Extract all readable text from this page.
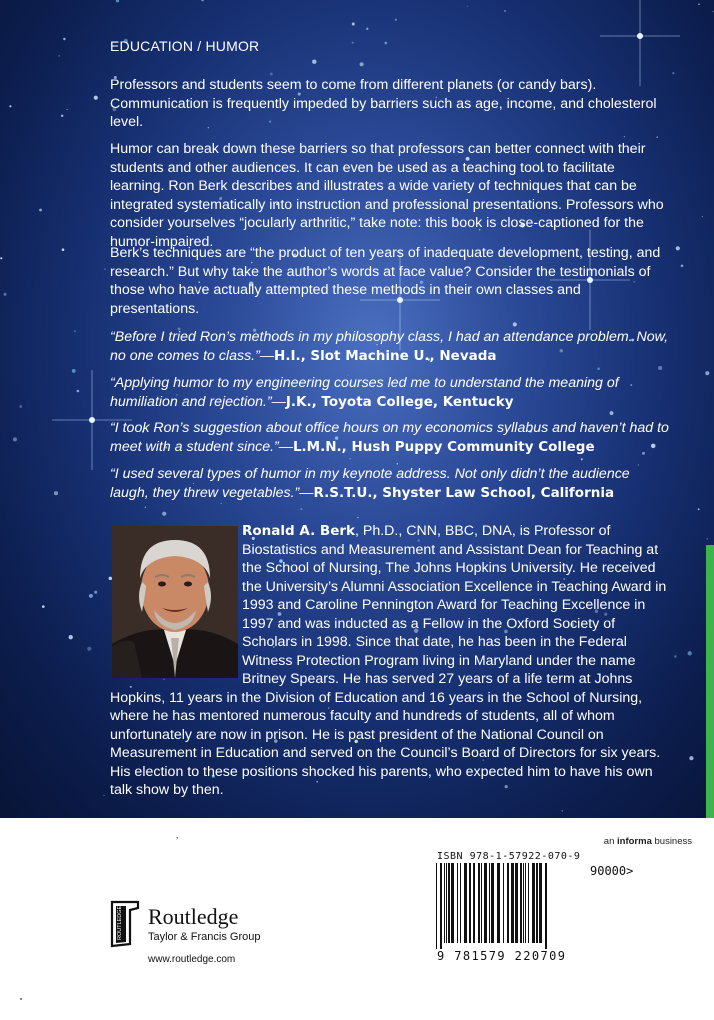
EDUCATION / HUMOR

Professors and students seem to come from different planets (or candy bars). Communication is frequently impeded by barriers such as age, income, and cholesterol level.

Humor can break down these barriers so that professors can better connect with their students and other audiences. It can even be used as a teaching tool to facilitate learning. Ron Berk describes and illustrates a wide variety of techniques that can be integrated systematically into instruction and professional presentations. Professors who consider yourselves “jocularly arthritic,” take note: this book is close-captioned for the humor-impaired.

Berk’s techniques are “the product of ten years of inadequate development, testing, and research.” But why take the author’s words at face value? Consider the testimonials of those who have actually attempted these methods in their own classes and presentations.

“Before I tried Ron’s methods in my philosophy class, I had an attendance problem. Now, no one comes to class.”—H.I., Slot Machine U., Nevada

“Applying humor to my engineering courses led me to understand the meaning of humiliation and rejection.”—J.K., Toyota College, Kentucky

“I took Ron’s suggestion about office hours on my economics syllabus and haven’t had to meet with a student since.”—L.M.N., Hush Puppy Community College

“I used several types of humor in my keynote address. Not only didn’t the audience laugh, they threw vegetables.”—R.S.T.U., Shyster Law School, California

Ronald A. Berk, Ph.D., CNN, BBC, DNA, is Professor of Biostatistics and Measurement and Assistant Dean for Teaching at the School of Nursing, The Johns Hopkins University. He received the University’s Alumni Association Excellence in Teaching Award in 1993 and Caroline Pennington Award for Teaching Excellence in 1997 and was inducted as a Fellow in the Oxford Society of Scholars in 1998. Since that date, he has been in the Federal Witness Protection Program living in Maryland under the name Britney Spears. He has served 27 years of a life term at Johns Hopkins, 11 years in the Division of Education and 16 years in the School of Nursing, where he has mentored numerous faculty and hundreds of students, all of whom unfortunately are now in prison. He is past president of the National Council on Measurement in Education and served on the Council’s Board of Directors for six years. His election to these positions shocked his parents, who expected him to have his own talk show by then.

’	an informa business
ROUTLEDGE Routledge
Taylor & Francis Group
www.routledge.com
ISBN 978-1-57922-070-9
90000>
9 781579 220709
